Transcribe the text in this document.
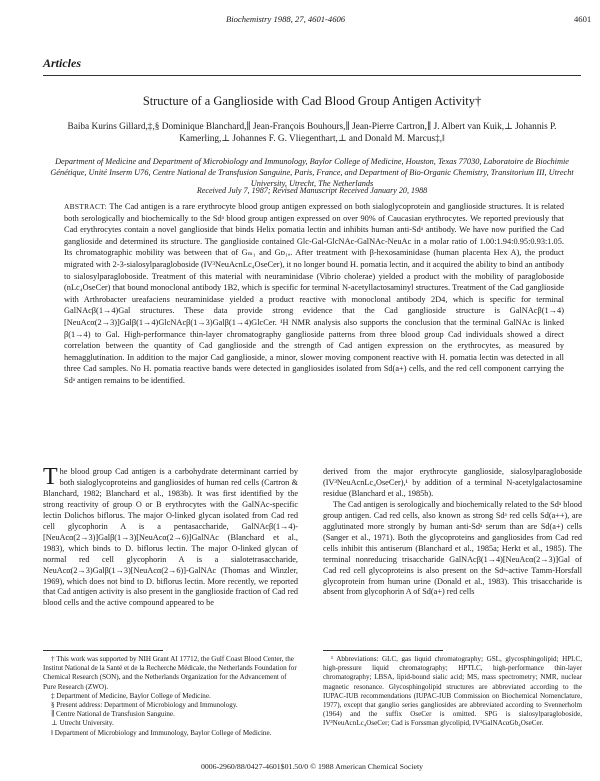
Biochemistry 1988, 27, 4601-4606	4601
Articles
Structure of a Ganglioside with Cad Blood Group Antigen Activity†
Baiba Kurins Gillard,‡,§ Dominique Blanchard,∥ Jean-François Bouhours,∥ Jean-Pierre Cartron,∥ J. Albert van Kuik,⊥ Johannis P. Kamerling,⊥ Johannes F. G. Vliegenthart,⊥ and Donald M. Marcus‡,‖
Department of Medicine and Department of Microbiology and Immunology, Baylor College of Medicine, Houston, Texas 77030, Laboratoire de Biochimie Génétique, Unité Inserm U76, Centre National de Transfusion Sanguine, Paris, France, and Department of Bio-Organic Chemistry, Transitorium III, Utrecht University, Utrecht, The Netherlands
Received July 7, 1987; Revised Manuscript Received January 20, 1988
ABSTRACT: The Cad antigen is a rare erythrocyte blood group antigen expressed on both sialoglycoprotein and ganglioside structures. It is related both serologically and biochemically to the Sdᵃ blood group antigen expressed on over 90% of Caucasian erythrocytes. We reported previously that Cad erythrocytes contain a novel ganglioside that binds Helix pomatia lectin and inhibits human anti-Sdᵃ antibody. We have now purified the Cad ganglioside and determined its structure. The ganglioside contained Glc-Gal-GlcNAc-GalNAc-NeuAc in a molar ratio of 1.00:1.94:0.95:0.93:1.05. Its chromatographic mobility was between that of Gₘ₁ and Gᴅ₁ₐ. After treatment with β-hexosaminidase (human placenta Hex A), the product migrated with 2-3-sialosylparagloboside (IV³NeuAcnLc₄OseCer), it no longer bound H. pomatia lectin, and it acquired the ability to bind an antibody to sialosylparagloboside. Treatment of this material with neuraminidase (Vibrio cholerae) yielded a product with the mobility of paragloboside (nLc₄OseCer) that bound monoclonal antibody 1B2, which is specific for terminal N-acetyllactosaminyl structures. Treatment of the Cad ganglioside with Arthrobacter ureafaciens neuraminidase yielded a product reactive with monoclonal antibody 2D4, which is specific for terminal GalNAcβ(1→4)Gal structures. These data provide strong evidence that the Cad ganglioside structure is GalNAcβ(1→4)[NeuAcα(2→3)]Galβ(1→4)GlcNAcβ(1→3)Galβ(1→4)GlcCer. ¹H NMR analysis also supports the conclusion that the terminal GalNAc is linked β(1→4) to Gal. High-performance thin-layer chromatography ganglioside patterns from three blood group Cad individuals showed a direct correlation between the quantity of Cad ganglioside and the strength of Cad antigen expression on the erythrocytes, as measured by hemagglutination. In addition to the major Cad ganglioside, a minor, slower moving component reactive with H. pomatia lectin was detected in all three Cad samples. No H. pomatia reactive bands were detected in gangliosides isolated from Sd(a+) cells, and the red cell component carrying the Sdᵃ antigen remains to be identified.
The blood group Cad antigen is a carbohydrate determinant carried by both sialoglycoproteins and gangliosides of human red cells (Cartron & Blanchard, 1982; Blanchard et al., 1983b). It was first identified by the strong reactivity of group O or B erythrocytes with the GalNAc-specific lectin Dolichos biflorus. The major O-linked glycan isolated from Cad red cell glycophorin A is a pentasaccharide, GalNAcβ(1→4)-[NeuAcα(2→3)]Galβ(1→3)[NeuAcα(2→6)]GalNAc (Blanchard et al., 1983), which binds to D. biflorus lectin. The major O-linked glycan of normal red cell glycophorin A is a sialotetrasaccharide, NeuAcα(2→3)Galβ(1→3)[NeuAcα(2→6)]-GalNAc (Thomas and Winzler, 1969), which does not bind to D. biflorus lectin. More recently, we reported that Cad antigen activity is also present in the ganglioside fraction of Cad red blood cells and the active compound appeared to be

derived from the major erythrocyte ganglioside, sialosylparagloboside (IV³NeuAcnLc₄OseCer),¹ by addition of a terminal N-acetylgalactosamine residue (Blanchard et al., 1985b).

The Cad antigen is serologically and biochemically related to the Sdᵃ blood group antigen. Cad red cells, also known as strong Sdᵃ red cells Sd(a++), are agglutinated more strongly by human anti-Sdᵃ serum than are Sd(a+) cells (Sanger et al., 1971). Both the glycoproteins and gangliosides from Cad red cells inhibit this antiserum (Blanchard et al., 1985a; Herkt et al., 1985). The terminal nonreducing trisaccharide GalNAcβ(1→4)[NeuAcα(2→3)]Gal of Cad red cell glycoproteins is also present on the Sdᵃ-active Tamm-Horsfall glycoprotein from human urine (Donald et al., 1983). This trisaccharide is absent from glycophorin A of Sd(a+) red cells

† This work was supported by NIH Grant AI 17712, the Gulf Coast Blood Center, the Institut National de la Santé et de la Recherche Médicale, the Netherlands Foundation for Chemical Research (SON), and the Netherlands Organization for the Advancement of Pure Research (ZWO).
‡ Department of Medicine, Baylor College of Medicine.
§ Present address: Department of Microbiology and Immunology.
∥ Centre National de Transfusion Sanguine.
⊥ Utrecht University.
‖ Department of Microbiology and Immunology, Baylor College of Medicine.
¹ Abbreviations: GLC, gas liquid chromatography; GSL, glycosphingolipid; HPLC, high-pressure liquid chromatography; HPTLC, high-performance thin-layer chromatography; LBSA, lipid-bound sialic acid; MS, mass spectrometry; NMR, nuclear magnetic resonance. Glycosphingolipid structures are abbreviated according to the IUPAC-IUB recommendations (IUPAC-IUB Commission on Biochemical Nomenclature, 1977), except that ganglio series gangliosides are abbreviated according to Svennerholm (1964) and the suffix OseCer is omitted. SPG is sialosylparagloboside, IV³NeuAcnLc₄OseCer; Cad is Forssman glycolipid, IV³GalNAcαGb₄OseCer.
0006-2960/88/0427-4601$01.50/0 © 1988 American Chemical Society
